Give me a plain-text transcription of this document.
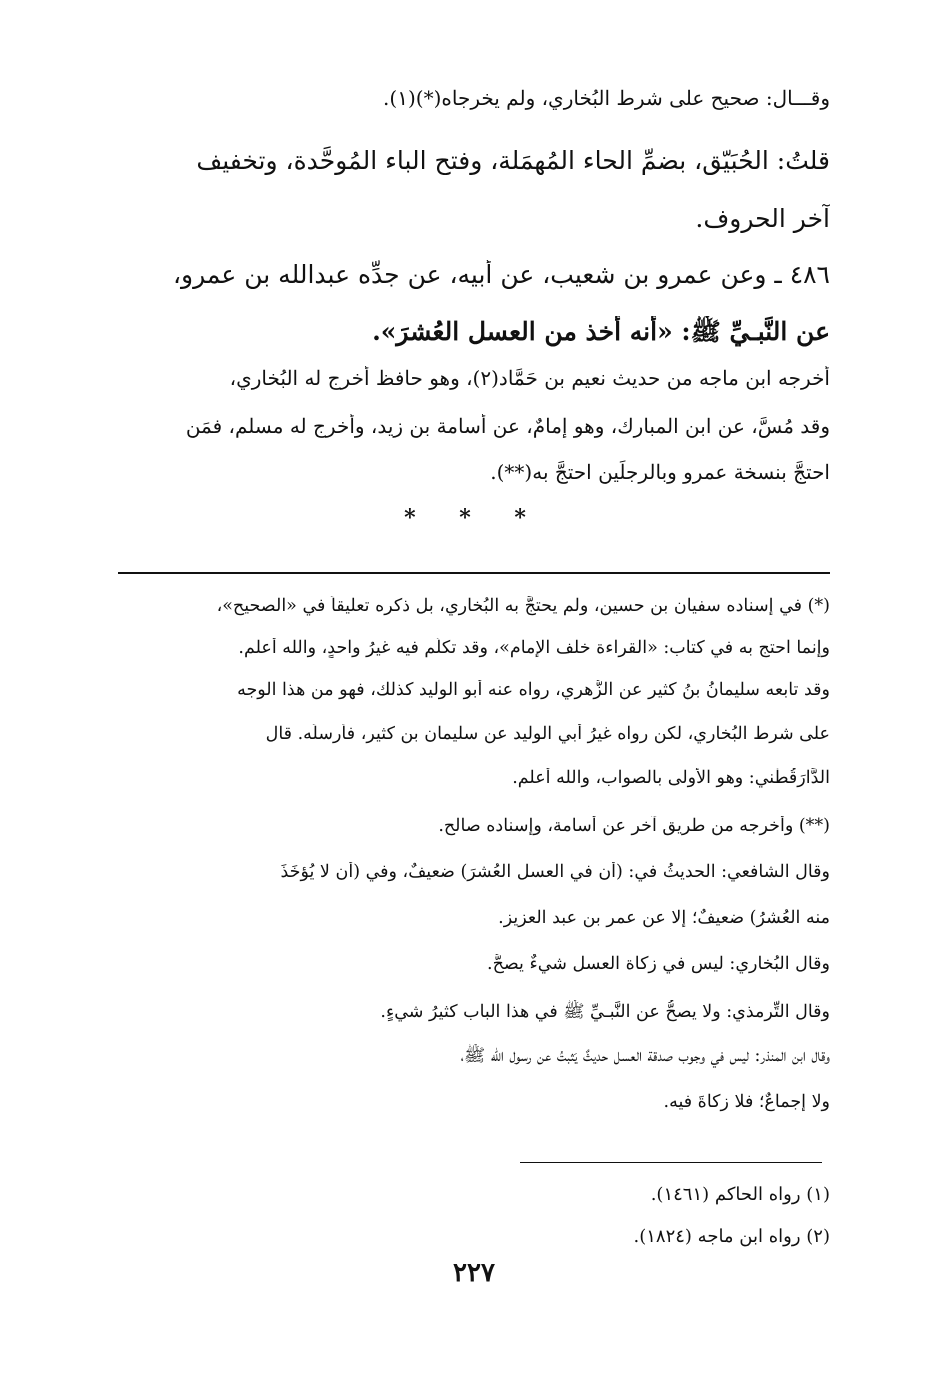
وقـــال: صحيح على شرط البُخاري، ولم يخرجاه(*)(١).
قلتُ: الحُبَيّق، بضمِّ الحاء المُهمَلة، وفتح الباء المُوحَّدة، وتخفيف
آخر الحروف.
٤٨٦ ـ وعن عمرو بن شعيب، عن أبيه، عن جدِّه عبدالله بن عمرو،
عن النَّبـيِّ ﷺ: «أنه أخذ من العسل العُشرَ».
أخرجه ابن ماجه من حديث نعيم بن حَمَّاد(٢)، وهو حافظ أخرج له البُخاري،
وقد مُسَّ، عن ابن المبارك، وهو إمامٌ، عن أسامة بن زيد، وأخرج له مسلم، فمَن
احتجَّ بنسخة عمرو وبالرجلَينِ احتجَّ به(**).
* * *
(*) في إسناده سفيان بن حسين، ولم يحتجَّ به البُخاري، بل ذكره تعليقاً في «الصحيح»،
وإنما احتج به في كتاب: «القراءة خلف الإمام»، وقد تكلَّم فيه غيرُ واحدٍ، والله أعلم.
وقد تابعه سليمانُ بنُ كثير عن الزُّهري، رواه عنه أبو الوليد كذلك، فهو من هذا الوجه
على شرط البُخاري، لكن رواه غيرُ أبي الوليد عن سليمان بن كثير، فأرسلَه. قال
الدَّارَقُطْني: وهو الأَولى بالصواب، والله أعلم.
(**) وأخرجه من طريق آخر عن أسامة، وإسناده صالح.
وقال الشافعي: الحديثُ في: (أن في العسل العُشرَ) ضعيفٌ، وفي (أن لا يُؤخَذَ
منه العُشرُ) ضعيفٌ؛ إلا عن عمر بن عبد العزيز.
وقال البُخاري: ليس في زكاة العسل شيءٌ يصحُّ.
وقال التِّرمذي: ولا يصحُّ عن النَّبـيِّ ﷺ في هذا الباب كثيرُ شيءٍ.
وقال ابن المنذر: ليس في وجوب صدقة العسل حديثٌ يَثبتُ عن رسول الله ﷺ،
ولا إجماعٌ؛ فلا زكاةَ فيه.
(١) رواه الحاكم (١٤٦١).
(٢) رواه ابن ماجه (١٨٢٤).
٢٢٧
